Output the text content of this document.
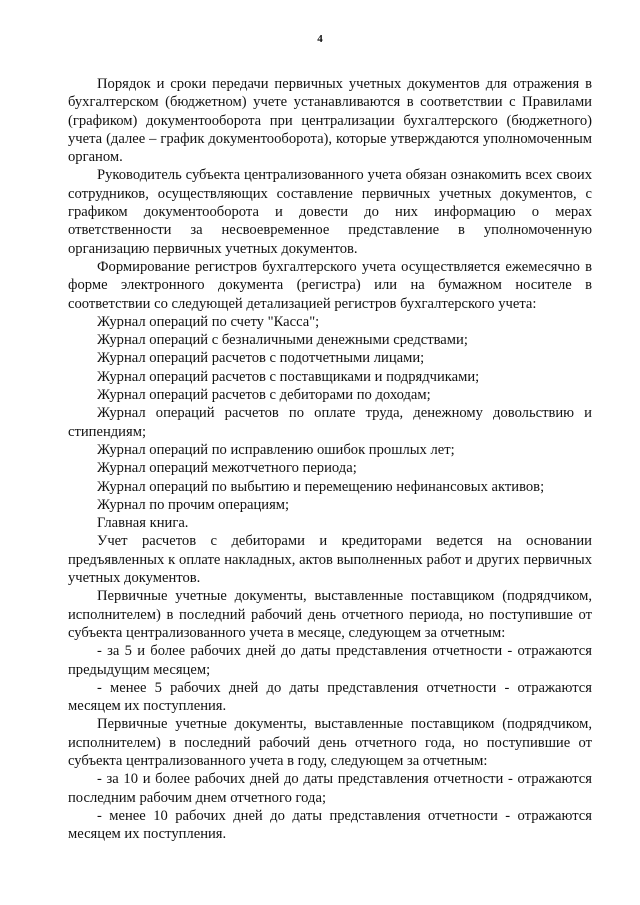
4

Порядок и сроки передачи первичных учетных документов для отражения в бухгалтерском (бюджетном) учете устанавливаются в соответствии с Правилами (графиком) документооборота при централизации бухгалтерского (бюджетного) учета (далее – график документооборота), которые утверждаются уполномоченным органом.

Руководитель субъекта централизованного учета обязан ознакомить всех своих сотрудников, осуществляющих составление первичных учетных документов, с графиком документооборота и довести до них информацию о мерах ответственности за несвоевременное представление в уполномоченную организацию первичных учетных документов.

Формирование регистров бухгалтерского учета осуществляется ежемесячно в форме электронного документа (регистра) или на бумажном носителе в соответствии со следующей детализацией регистров бухгалтерского учета:

Журнал операций по счету "Касса";

Журнал операций с безналичными денежными средствами;

Журнал операций расчетов с подотчетными лицами;

Журнал операций расчетов с поставщиками и подрядчиками;

Журнал операций расчетов с дебиторами по доходам;

Журнал операций расчетов по оплате труда, денежному довольствию и стипендиям;

Журнал операций по исправлению ошибок прошлых лет;

Журнал операций межотчетного периода;

Журнал операций по выбытию и перемещению нефинансовых активов;

Журнал по прочим операциям;

Главная книга.

Учет расчетов с дебиторами и кредиторами ведется на основании предъявленных к оплате накладных, актов выполненных работ и других первичных учетных документов.

Первичные учетные документы, выставленные поставщиком (подрядчиком, исполнителем) в последний рабочий день отчетного периода, но поступившие от субъекта централизованного учета в месяце, следующем за отчетным:

- за 5 и более рабочих дней до даты представления отчетности - отражаются предыдущим месяцем;

- менее 5 рабочих дней до даты представления отчетности - отражаются месяцем их поступления.

Первичные учетные документы, выставленные поставщиком (подрядчиком, исполнителем) в последний рабочий день отчетного года, но поступившие от субъекта централизованного учета в году, следующем за отчетным:

- за 10 и более рабочих дней до даты представления отчетности - отражаются последним рабочим днем отчетного года;

- менее 10 рабочих дней до даты представления отчетности - отражаются месяцем их поступления.
